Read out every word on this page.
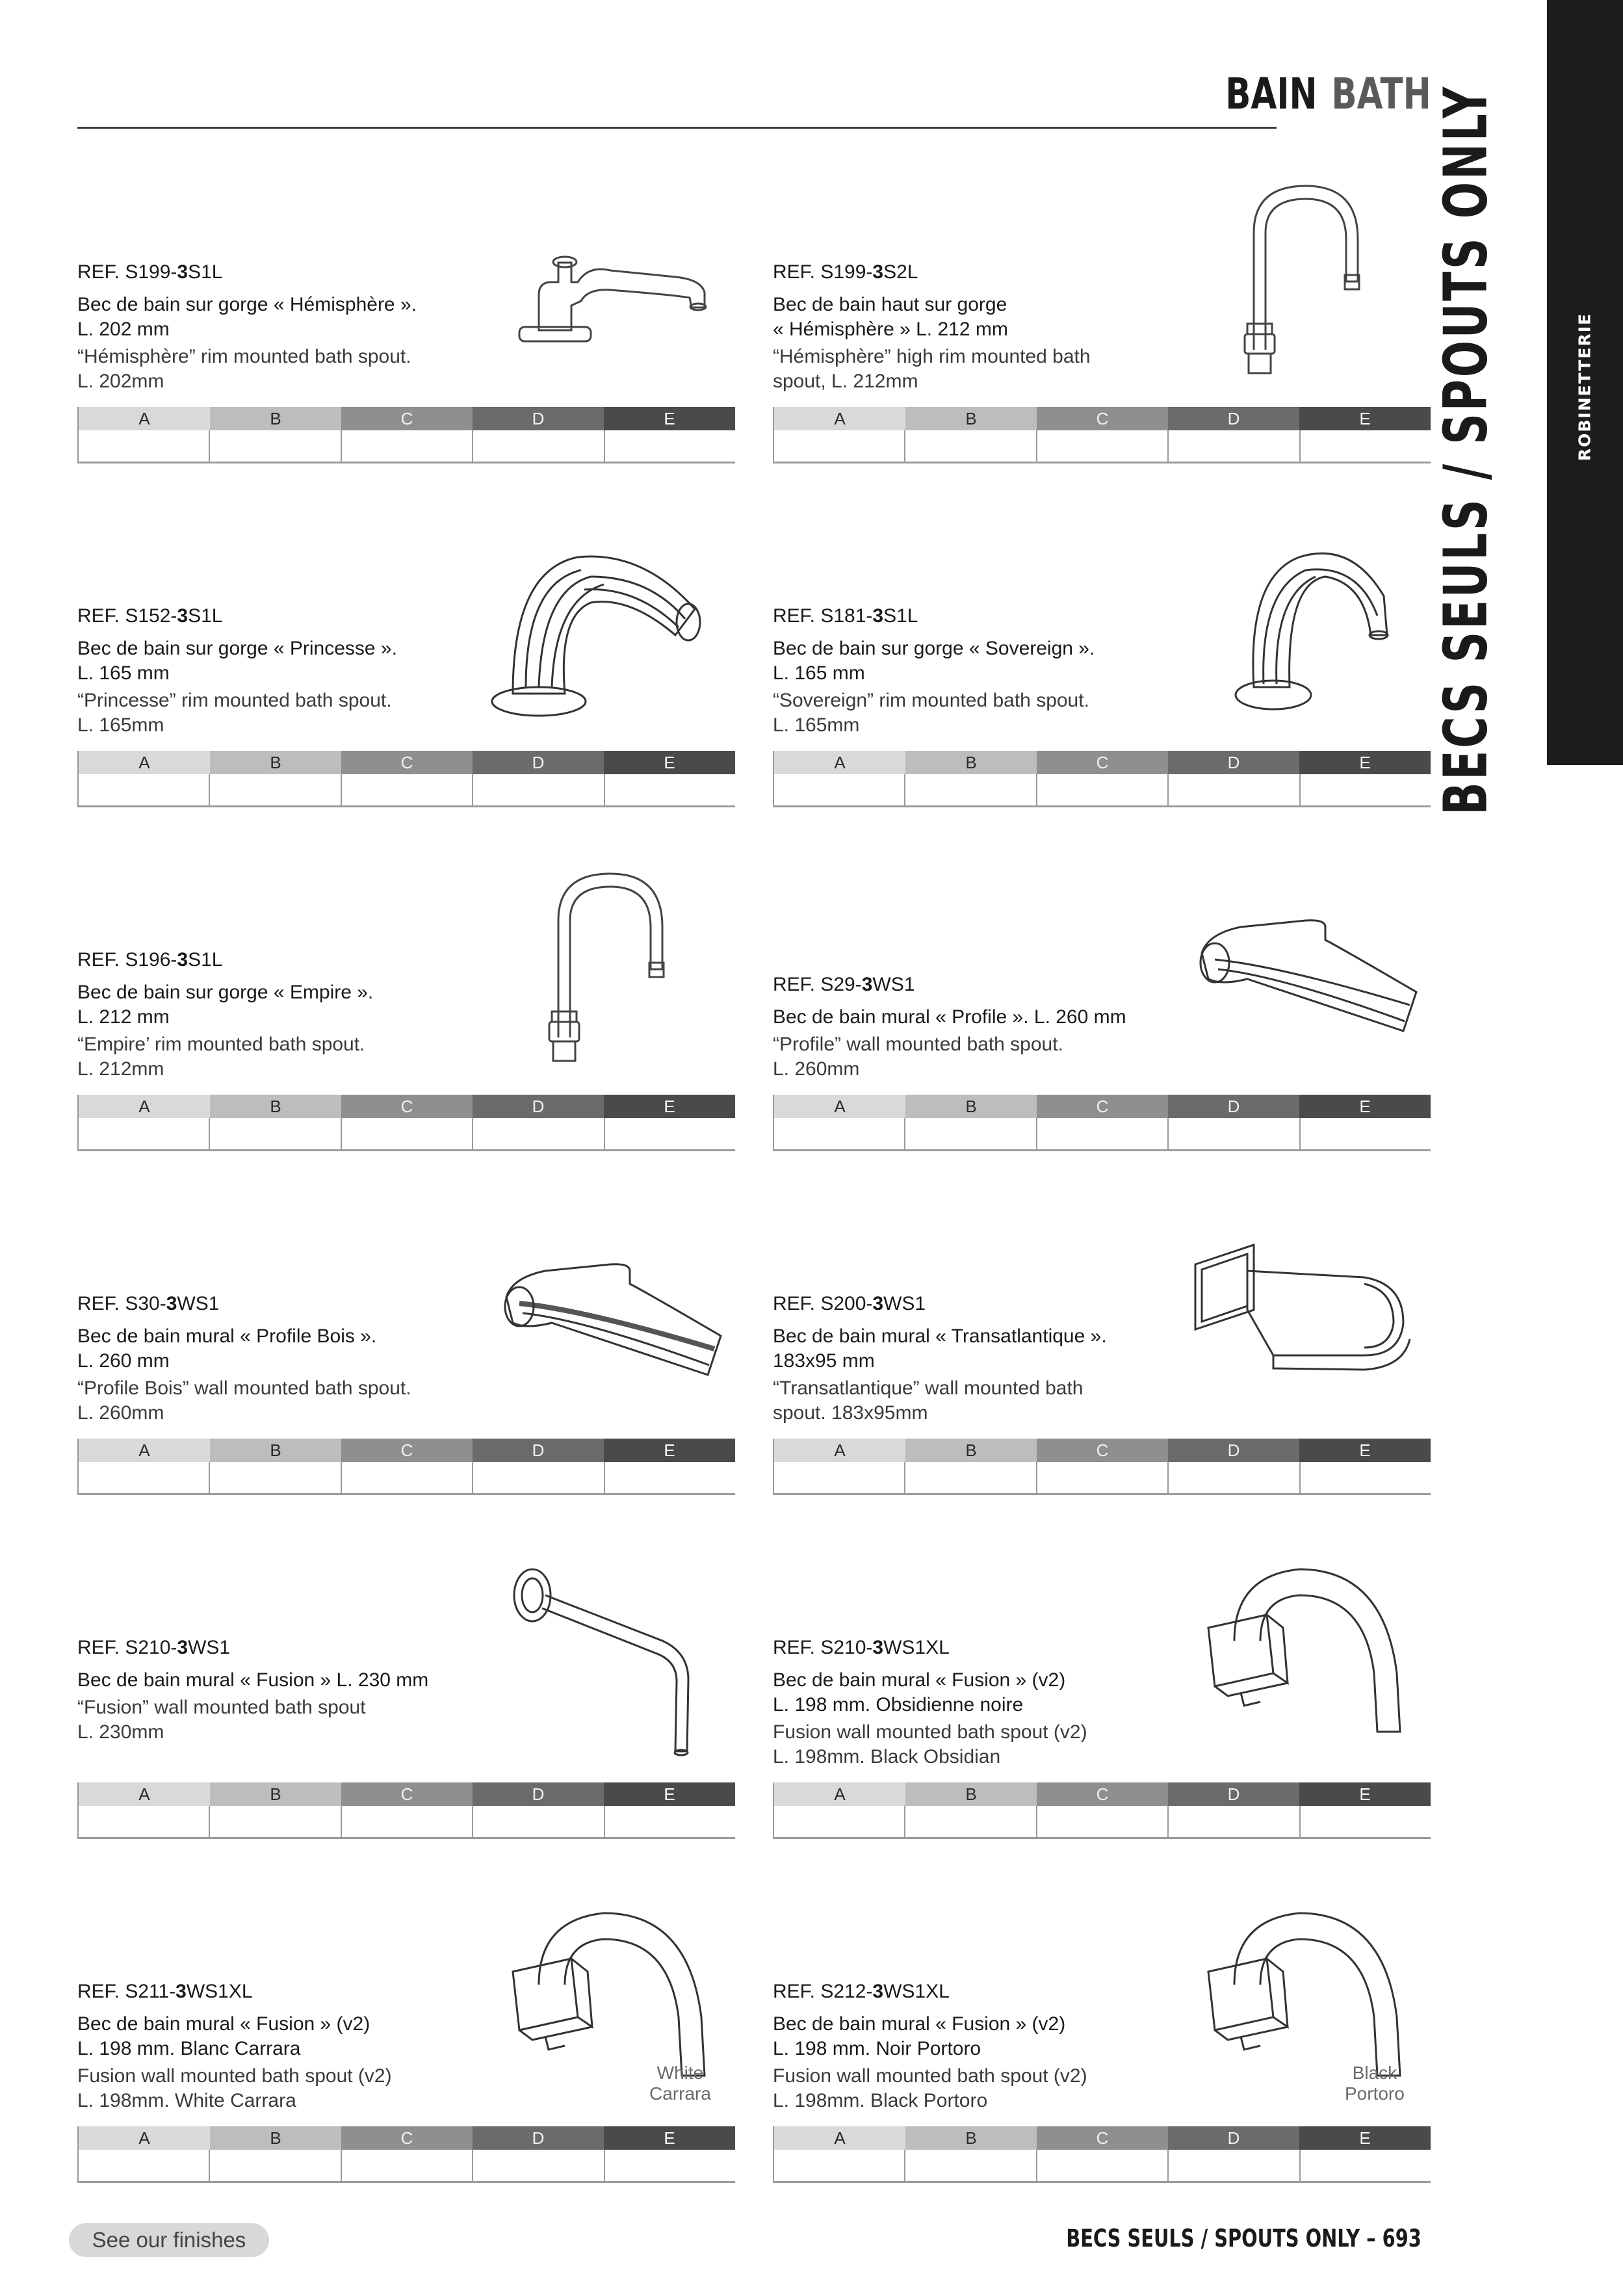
BAIN BATH
ROBINETTERIE
BECS SEULS / SPOUTS ONLY
REF. S199-3S1L
Bec de bain sur gorge « Hémisphère ».
L. 202 mm
“Hémisphère” rim mounted bath spout.
L. 202mm
A	B	C	D	E
REF. S199-3S2L
Bec de bain haut sur gorge
« Hémisphère » L. 212 mm
“Hémisphère” high rim mounted bath
spout, L. 212mm
A	B	C	D	E
REF. S152-3S1L
Bec de bain sur gorge « Princesse ».
L. 165 mm
“Princesse” rim mounted bath spout.
L. 165mm
A	B	C	D	E
REF. S181-3S1L
Bec de bain sur gorge « Sovereign ».
L. 165 mm
“Sovereign” rim mounted bath spout.
L. 165mm
A	B	C	D	E
REF. S196-3S1L
Bec de bain sur gorge « Empire ».
L. 212 mm
“Empire’ rim mounted bath spout.
L. 212mm
A	B	C	D	E
REF. S29-3WS1
Bec de bain mural « Profile ». L. 260 mm
“Profile” wall mounted bath spout.
L. 260mm
A	B	C	D	E
REF. S30-3WS1
Bec de bain mural « Profile Bois ».
L. 260 mm
“Profile Bois” wall mounted bath spout.
L. 260mm
A	B	C	D	E
REF. S200-3WS1
Bec de bain mural « Transatlantique ».
183x95 mm
“Transatlantique” wall mounted bath
spout. 183x95mm
A	B	C	D	E
REF. S210-3WS1
Bec de bain mural « Fusion » L. 230 mm
“Fusion” wall mounted bath spout
L. 230mm
A	B	C	D	E
REF. S210-3WS1XL
Bec de bain mural « Fusion » (v2)
L. 198 mm. Obsidienne noire
Fusion wall mounted bath spout (v2)
L. 198mm. Black Obsidian
A	B	C	D	E
White
Carrara
REF. S211-3WS1XL
Bec de bain mural « Fusion » (v2)
L. 198 mm. Blanc Carrara
Fusion wall mounted bath spout (v2)
L. 198mm. White Carrara
A	B	C	D	E
Black
Portoro
REF. S212-3WS1XL
Bec de bain mural « Fusion » (v2)
L. 198 mm. Noir Portoro
Fusion wall mounted bath spout (v2)
L. 198mm. Black Portoro
A	B	C	D	E
See our finishes	BECS SEULS / SPOUTS ONLY – 693
